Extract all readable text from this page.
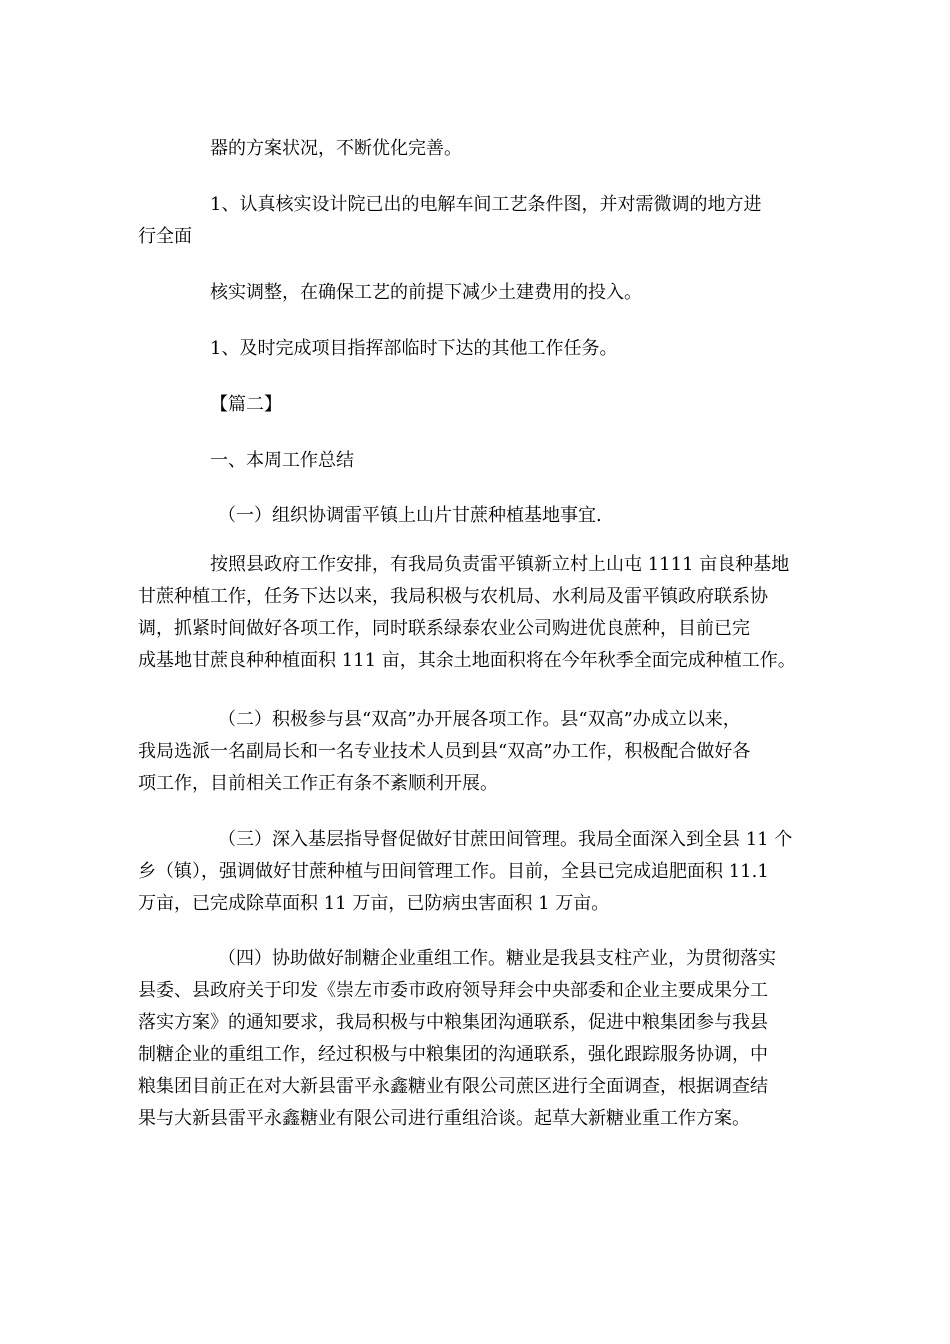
器的方案状况，不断优化完善。

1、认真核实设计院已出的电解车间工艺条件图，并对需微调的地方进

行全面

核实调整，在确保工艺的前提下减少土建费用的投入。

1、及时完成项目指挥部临时下达的其他工作任务。

【篇二】

一、本周工作总结

（一）组织协调雷平镇上山片甘蔗种植基地事宜.

按照县政府工作安排，有我局负责雷平镇新立村上山屯 1111 亩良种基地
甘蔗种植工作，任务下达以来，我局积极与农机局、水利局及雷平镇政府联系协
调，抓紧时间做好各项工作，同时联系绿泰农业公司购进优良蔗种，目前已完
成基地甘蔗良种种植面积 111 亩，其余土地面积将在今年秋季全面完成种植工作。
（二）积极参与县“双高”办开展各项工作。县“双高”办成立以来，
我局选派一名副局长和一名专业技术人员到县“双高”办工作，积极配合做好各
项工作，目前相关工作正有条不紊顺利开展。
（三）深入基层指导督促做好甘蔗田间管理。我局全面深入到全县 11 个
乡（镇），强调做好甘蔗种植与田间管理工作。目前，全县已完成追肥面积 11.1
万亩，已完成除草面积 11 万亩，已防病虫害面积 1 万亩。
（四）协助做好制糖企业重组工作。糖业是我县支柱产业，为贯彻落实
县委、县政府关于印发《崇左市委市政府领导拜会中央部委和企业主要成果分工
落实方案》的通知要求，我局积极与中粮集团沟通联系，促进中粮集团参与我县
制糖企业的重组工作，经过积极与中粮集团的沟通联系，强化跟踪服务协调，中
粮集团目前正在对大新县雷平永鑫糖业有限公司蔗区进行全面调查，根据调查结
果与大新县雷平永鑫糖业有限公司进行重组洽谈。起草大新糖业重工作方案。
